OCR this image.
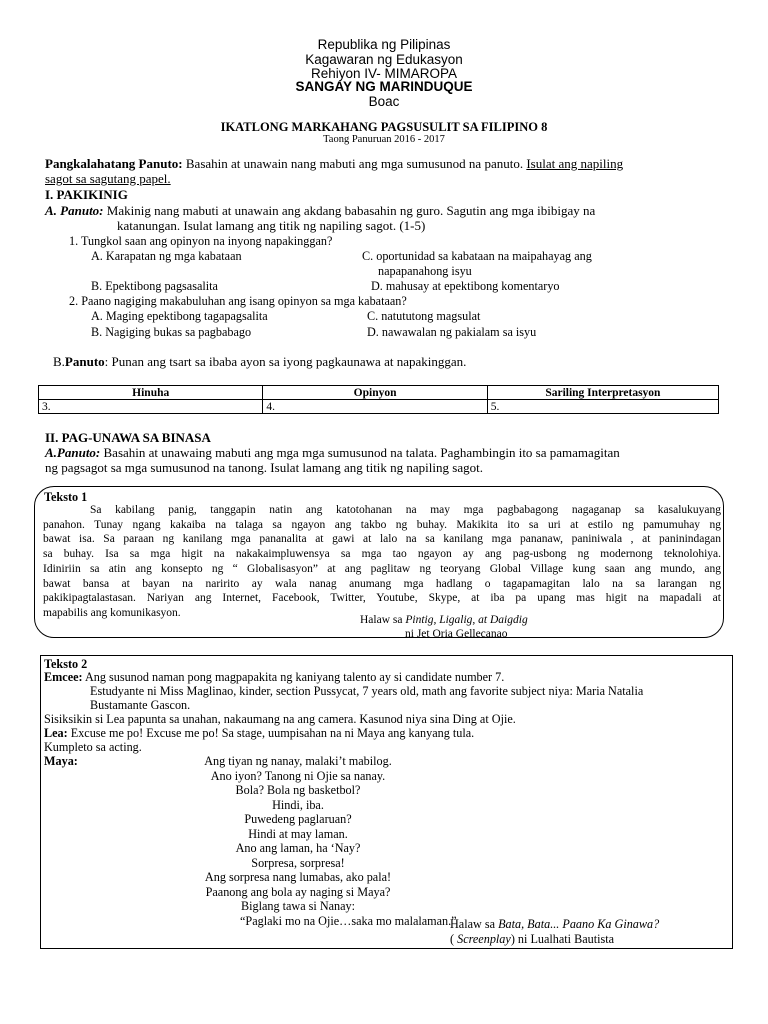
Republika ng Pilipinas
Kagawaran ng Edukasyon
Rehiyon IV- MIMAROPA
SANGAY NG MARINDUQUE
Boac
IKATLONG MARKAHANG PAGSUSULIT SA FILIPINO 8
Taong Panuruan 2016 - 2017
Pangkalahatang Panuto: Basahin at unawain nang mabuti ang mga sumusunod na panuto. Isulat ang napiling
sagot sa sagutang papel.
I. PAKIKINIG
A. Panuto: Makinig nang mabuti at unawain ang akdang babasahin ng guro. Sagutin ang mga ibibigay na
katanungan. Isulat lamang ang titik ng napiling sagot. (1-5)
1. Tungkol saan ang opinyon na inyong napakinggan?
A. Karapatan ng mga kabataan	C. oportunidad sa kabataan na maipahayag ang
napapanahong isyu
B. Epektibong pagsasalita	D. mahusay at epektibong komentaryo
2. Paano nagiging makabuluhan ang isang opinyon sa mga kabataan?
A. Maging epektibong tagapagsalita	C. natututong magsulat
B. Nagiging bukas sa pagbabago	D. nawawalan ng pakialam sa isyu
B.Panuto: Punan ang tsart sa ibaba ayon sa iyong pagkaunawa at napakinggan.
Hinuha	Opinyon	Sariling Interpretasyon
3.	4.	5.
II. PAG-UNAWA SA BINASA
A.Panuto: Basahin at unawaing mabuti ang mga mga sumusunod na talata. Paghambingin ito sa pamamagitan
ng pagsagot sa mga sumusunod na tanong. Isulat lamang ang titik ng napiling sagot.
Teksto 1
Sa kabilang panig, tanggapin natin ang katotohanan na may mga pagbabagong nagaganap sa kasalukuyang
panahon. Tunay ngang kakaiba na talaga sa ngayon ang takbo ng buhay. Makikita ito sa uri at estilo ng pamumuhay ng
bawat isa. Sa paraan ng kanilang mga pananalita at gawi at lalo na sa kanilang mga pananaw, paniniwala , at paninindagan
sa buhay. Isa sa mga higit na nakakaimpluwensya sa mga tao ngayon ay ang pag-usbong ng modernong teknolohiya.
Idiniriin sa atin ang konsepto ng “ Globalisasyon” at ang paglitaw ng teoryang Global Village kung saan ang mundo, ang
bawat bansa at bayan na naririto ay wala nanag anumang mga hadlang o tagapamagitan lalo na sa larangan ng
pakikipagtalastasan. Nariyan ang Internet, Facebook, Twitter, Youtube, Skype, at iba pa upang mas higit na mapadali at
mapabilis ang komunikasyon.
Halaw sa Pintig, Ligalig, at Daigdig
ni Jet Oria Gellecanao
Teksto 2
Emcee: Ang susunod naman pong magpapakita ng kaniyang talento ay si candidate number 7.
Estudyante ni Miss Maglinao, kinder, section Pussycat, 7 years old, math ang favorite subject niya: Maria Natalia
Bustamante Gascon.
Sisiksikin si Lea papunta sa unahan, nakaumang na ang camera. Kasunod niya sina Ding at Ojie.
Lea: Excuse me po! Excuse me po! Sa stage, uumpisahan na ni Maya ang kanyang tula.
Kumpleto sa acting.
Maya:	Ang tiyan ng nanay, malaki’t mabilog.
Ano iyon? Tanong ni Ojie sa nanay.
Bola? Bola ng basketbol?
Hindi, iba.
Puwedeng paglaruan?
Hindi at may laman.
Ano ang laman, ha ‘Nay?
Sorpresa, sorpresa!
Ang sorpresa nang lumabas, ako pala!
Paanong ang bola ay naging si Maya?
Biglang tawa si Nanay:
“Paglaki mo na Ojie…saka mo malalaman.”
Halaw sa Bata, Bata... Paano Ka Ginawa?
( Screenplay) ni Lualhati Bautista
